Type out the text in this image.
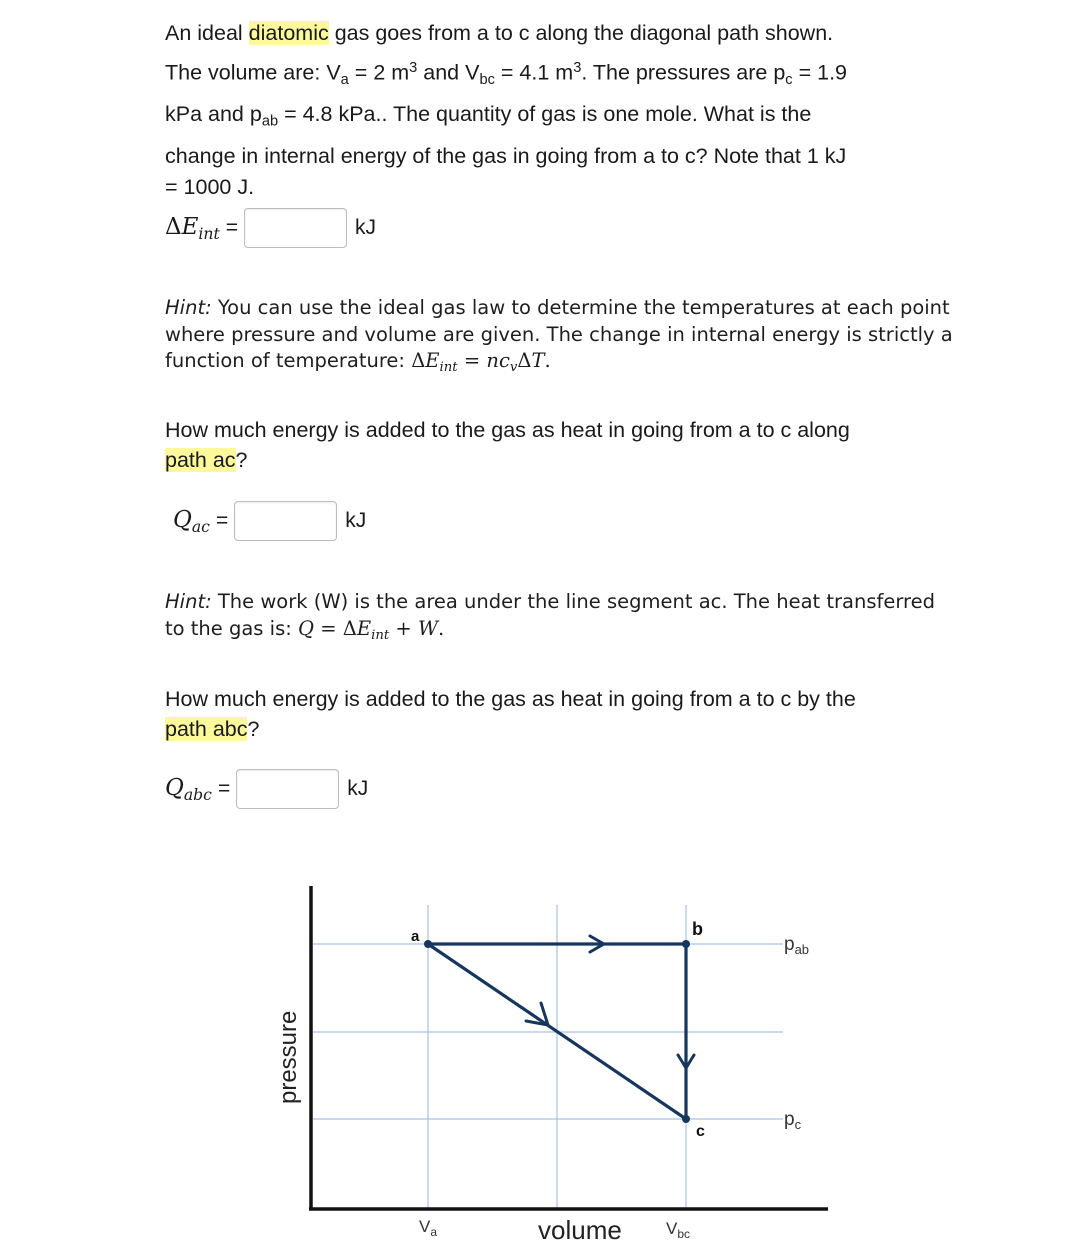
An ideal diatomic gas goes from a to c along the diagonal path shown.
The volume are: $V_a = 2$ $m^3$ and $V_{bc} = 4.1$ $m^3$. The pressures are $p_c = 1.9$
kPa and $p_{ab} = 4.8$ kPa.. The quantity of gas is one mole. What is the
change in internal energy of the gas in going from a to c? Note that 1 kJ
= 1000 J.
$\Delta E_{int}$ =	kJ
Hint: You can use the ideal gas law to determine the temperatures at each point
where pressure and volume are given. The change in internal energy is strictly a
function of temperature: $\Delta E_{int} = nc_v\Delta T$.
How much energy is added to the gas as heat in going from a to c along
path ac?
$Q_{ac}$ =	kJ
Hint: The work (W) is the area under the line segment ac. The heat transferred
to the gas is: $Q = \Delta E_{int} + W$.
How much energy is added to the gas as heat in going from a to c by the
path abc?
$Q_{abc}$ =	kJ
a	b
c
$p_{ab}$
$p_c$
$V_a$	$V_{bc}$
volume
pressure
